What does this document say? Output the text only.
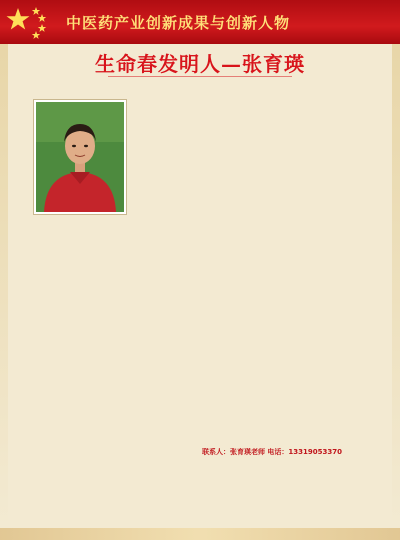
中医药产业创新成果与创新人物
生命春发明人—张育瑛
联系人：张育瑛老师 电话：13319053370
